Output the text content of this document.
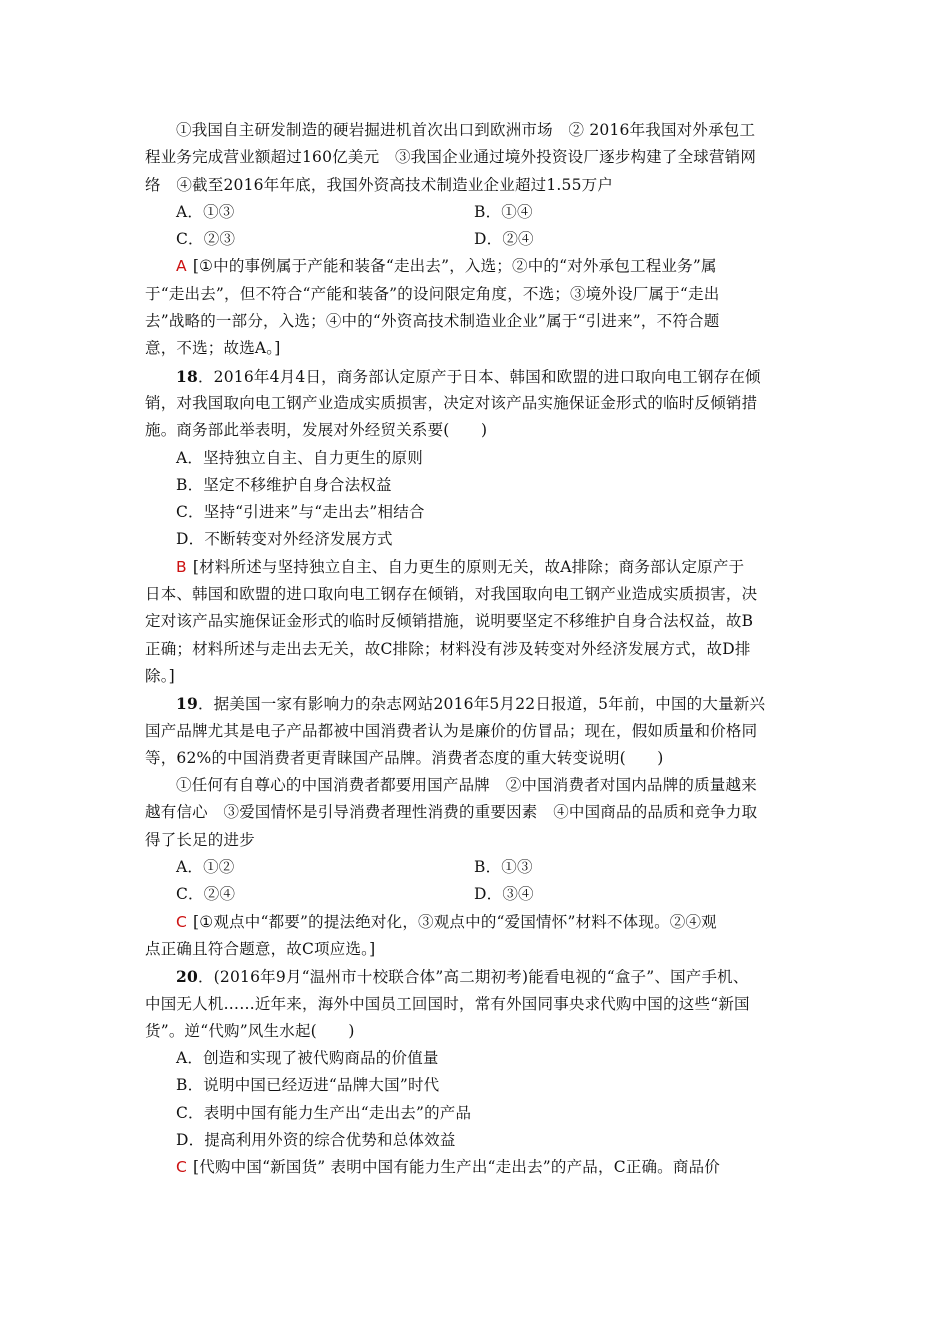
①我国自主研发制造的硬岩掘进机首次出口到欧洲市场　② 2016年我国对外承包工
程业务完成营业额超过160亿美元　③我国企业通过境外投资设厂逐步构建了全球营销网
络　④截至2016年年底，我国外资高技术制造业企业超过1.55万户
A．①③	B．①④
C．②③	D．②④
A [①中的事例属于产能和装备“走出去”，入选；②中的“对外承包工程业务”属
于“走出去”，但不符合“产能和装备”的设问限定角度，不选；③境外设厂属于“走出
去”战略的一部分，入选；④中的“外资高技术制造业企业”属于“引进来”，不符合题
意，不选；故选A。]
18．2016年4月4日，商务部认定原产于日本、韩国和欧盟的进口取向电工钢存在倾
销，对我国取向电工钢产业造成实质损害，决定对该产品实施保证金形式的临时反倾销措
施。商务部此举表明，发展对外经贸关系要(　　)
A．坚持独立自主、自力更生的原则
B．坚定不移维护自身合法权益
C．坚持“引进来”与“走出去”相结合
D．不断转变对外经济发展方式
B [材料所述与坚持独立自主、自力更生的原则无关，故A排除；商务部认定原产于
日本、韩国和欧盟的进口取向电工钢存在倾销，对我国取向电工钢产业造成实质损害，决
定对该产品实施保证金形式的临时反倾销措施，说明要坚定不移维护自身合法权益，故B
正确；材料所述与走出去无关，故C排除；材料没有涉及转变对外经济发展方式，故D排
除。]
19．据美国一家有影响力的杂志网站2016年5月22日报道，5年前，中国的大量新兴
国产品牌尤其是电子产品都被中国消费者认为是廉价的仿冒品；现在，假如质量和价格同
等，62%的中国消费者更青睐国产品牌。消费者态度的重大转变说明(　　)
①任何有自尊心的中国消费者都要用国产品牌　②中国消费者对国内品牌的质量越来
越有信心　③爱国情怀是引导消费者理性消费的重要因素　④中国商品的品质和竞争力取
得了长足的进步
A．①②	B．①③
C．②④	D．③④
C [①观点中“都要”的提法绝对化，③观点中的“爱国情怀”材料不体现。②④观
点正确且符合题意，故C项应选。]
20．(2016年9月“温州市十校联合体”高二期初考)能看电视的“盒子”、国产手机、
中国无人机……近年来，海外中国员工回国时，常有外国同事央求代购中国的这些“新国
货”。逆“代购”风生水起(　　)
A．创造和实现了被代购商品的价值量
B．说明中国已经迈进“品牌大国”时代
C．表明中国有能力生产出“走出去”的产品
D．提高利用外资的综合优势和总体效益
C [代购中国“新国货” 表明中国有能力生产出“走出去”的产品，C正确。商品价
